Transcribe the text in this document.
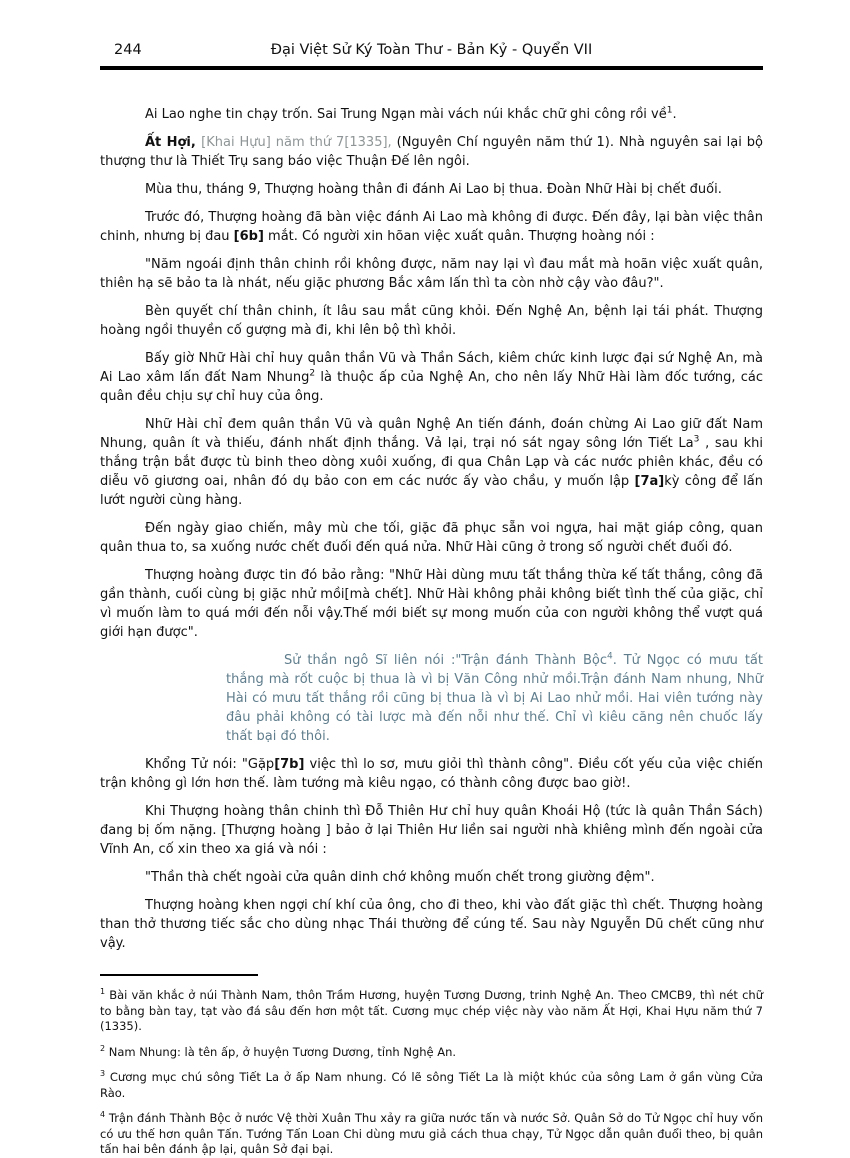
244	Đại Việt Sử Ký Toàn Thư - Bản Kỷ - Quyển VII

Ai Lao nghe tin chạy trốn. Sai Trung Ngạn mài vách núi khắc chữ ghi công rồi về$^1$.

Ất Hợi, [Khai Hựu] năm thứ 7[1335], (Nguyên Chí nguyên năm thứ 1). Nhà nguyên sai lại bộ thượng thư là Thiết Trụ sang báo việc Thuận Đế lên ngôi.

Mùa thu, tháng 9, Thượng hoàng thân đi đánh Ai Lao bị thua. Đoàn Nhữ Hài bị chết đuối.

Trước đó, Thượng hoàng đã bàn việc đánh Ai Lao mà không đi được. Đến đây, lại bàn việc thân chinh, nhưng bị đau [6b] mắt. Có người xin hõan việc xuất quân. Thượng hoàng nói :

"Năm ngoái định thân chinh rồi không được, năm nay lại vì đau mắt mà hoãn việc xuất quân, thiên hạ sẽ bảo ta là nhát, nếu giặc phương Bắc xâm lấn thì ta còn nhờ cậy vào đâu?".

Bèn quyết chí thân chinh, ít lâu sau mắt cũng khỏi. Đến Nghệ An, bệnh lại tái phát. Thượng hoàng ngồi thuyền cố gượng mà đi, khi lên bộ thì khỏi.

Bấy giờ Nhữ Hài chỉ huy quân thần Vũ và Thần Sách, kiêm chức kinh lược đại sứ Nghệ An, mà Ai Lao xâm lấn đất Nam Nhung$^2$ là thuộc ấp của Nghệ An, cho nên lấy Nhữ Hài làm đốc tướng, các quân đều chịu sự chỉ huy của ông.

Nhữ Hài chỉ đem quân thần Vũ và quân Nghệ An tiến đánh, đoán chừng Ai Lao giữ đất Nam Nhung, quân ít và thiếu, đánh nhất định thắng. Vả lại, trại nó sát ngay sông lớn Tiết La$^3$ , sau khi thắng trận bắt được tù binh theo dòng xuôi xuống, đi qua Chân Lạp và các nước phiên khác, đều có diễu võ giương oai, nhân đó dụ bảo con em các nước ấy vào chầu, y muốn lập [7a]kỳ công để lấn lướt người cùng hàng.

Đến ngày giao chiến, mây mù che tối, giặc đã phục sẵn voi ngựa, hai mặt giáp công, quan quân thua to, sa xuống nước chết đuối đến quá nửa. Nhữ Hài cũng ở trong số người chết đuối đó.

Thượng hoàng được tin đó bảo rằng: "Nhữ Hài dùng mưu tất thắng thừa kế tất thắng, công đã gần thành, cuối cùng bị giặc nhử mồi[mà chết]. Nhữ Hài không phải không biết tình thế của giặc, chỉ vì muốn làm to quá mới đến nỗi vậy.Thế mới biết sự mong muốn của con người không thể vượt quá giới hạn được".

Sử thần ngô Sĩ liên nói :"Trận đánh Thành Bộc$^4$. Tử Ngọc có mưu tất thắng mà rốt cuộc bị thua là vì bị Văn Công nhử mồi.Trận đánh Nam nhung, Nhữ Hài có mưu tất thắng rồi cũng bị thua là vì bị Ai Lao nhử mồi. Hai viên tướng này đâu phải không có tài lược mà đến nỗi như thế. Chỉ vì kiêu căng nên chuốc lấy thất bại đó thôi.

Khổng Tử nói: "Gặp[7b] việc thì lo sơ, mưu giỏi thì thành công". Điều cốt yếu của việc chiến trận không gì lớn hơn thế. làm tướng mà kiêu ngạo, có thành công được bao giờ!.

Khi Thượng hoàng thân chinh thì Đỗ Thiên Hư chỉ huy quân Khoái Hộ (tức là quân Thần Sách) đang bị ốm nặng. [Thượng hoàng ] bảo ở lại Thiên Hư liền sai người nhà khiêng mình đến ngoài cửa Vĩnh An, cố xin theo xa giá và nói :

"Thần thà chết ngoài cửa quân dinh chớ không muốn chết trong giường đệm".

Thượng hoàng khen ngợi chí khí của ông, cho đi theo, khi vào đất giặc thì chết. Thượng hoàng than thở thương tiếc sắc cho dùng nhạc Thái thường để cúng tế. Sau này Nguyễn Dũ chết cũng như vậy.

$^1$ Bài văn khắc ở núi Thành Nam, thôn Trầm Hương, huyện Tương Dương, trinh Nghệ An. Theo CMCB9, thì nét chữ to bằng bàn tay, tạt vào đá sâu đến hơn một tất. Cương mục chép việc này vào năm Ất Hợi, Khai Hựu năm thứ 7 (1335).

$^2$ Nam Nhung: là tên ấp, ở huyện Tương Dương, tỉnh Nghệ An.

$^3$ Cương mục chú sông Tiết La ở ấp Nam nhung. Có lẽ sông Tiết La là miột khúc của sông Lam ở gần vùng Cửa Rào.

$^4$ Trận đánh Thành Bộc ở nước Vệ thời Xuân Thu xảy ra giữa nước tấn và nước Sở. Quân Sở do Tử Ngọc chỉ huy vốn có ưu thế hơn quân Tấn. Tướng Tấn Loan Chi dùng mưu giả cách thua chạy, Tử Ngọc dẫn quân đuổi theo, bị quân tấn hai bên đánh ập lại, quân Sở đại bại.
